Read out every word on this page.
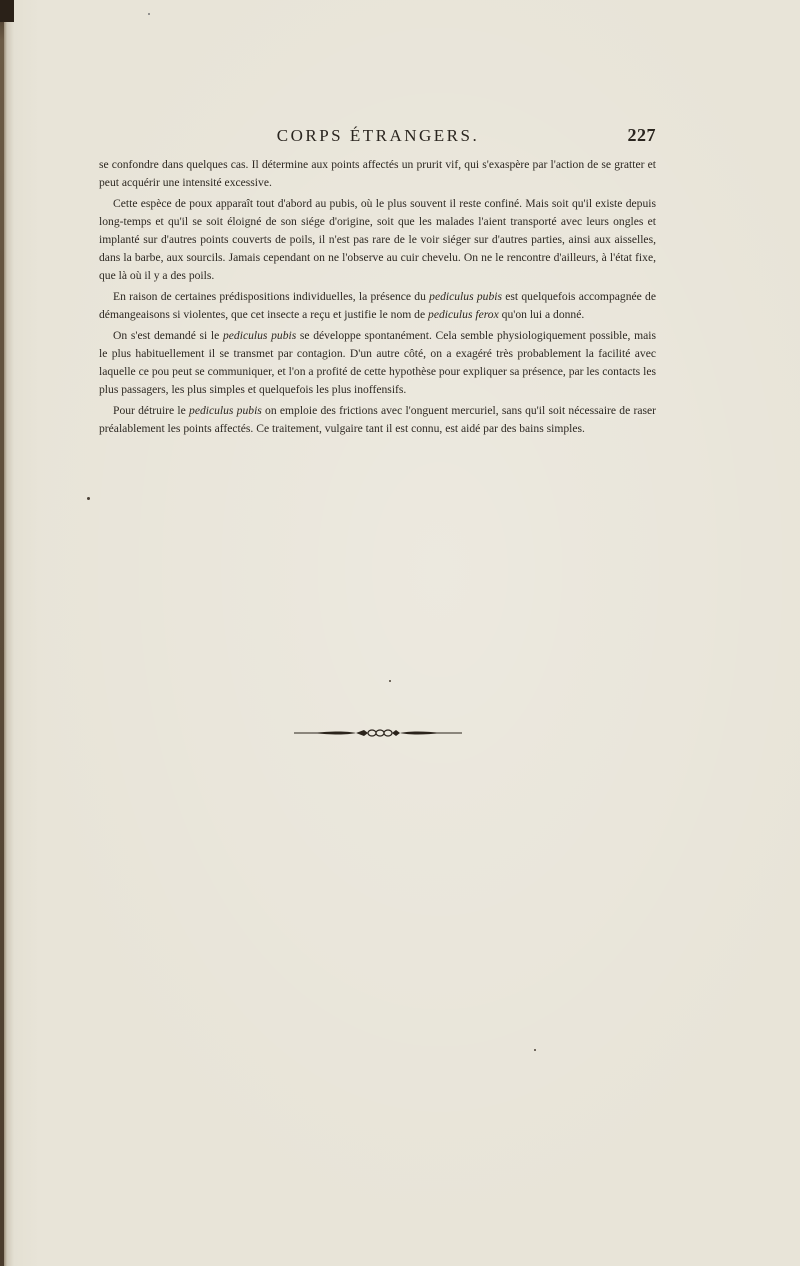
CORPS ÉTRANGERS.	227

se confondre dans quelques cas. Il détermine aux points affectés un prurit vif, qui s'exaspère par l'action de se gratter et peut acquérir une intensité excessive.

Cette espèce de poux apparaît tout d'abord au pubis, où le plus souvent il reste confiné. Mais soit qu'il existe depuis long-temps et qu'il se soit éloigné de son siége d'origine, soit que les malades l'aient transporté avec leurs ongles et implanté sur d'autres points couverts de poils, il n'est pas rare de le voir siéger sur d'autres parties, ainsi aux aisselles, dans la barbe, aux sourcils. Jamais cependant on ne l'observe au cuir chevelu. On ne le rencontre d'ailleurs, à l'état fixe, que là où il y a des poils.

En raison de certaines prédispositions individuelles, la présence du pediculus pubis est quelquefois accompagnée de démangeaisons si violentes, que cet insecte a reçu et justifie le nom de pediculus ferox qu'on lui a donné.

On s'est demandé si le pediculus pubis se développe spontanément. Cela semble physiologiquement possible, mais le plus habituellement il se transmet par contagion. D'un autre côté, on a exagéré très probablement la facilité avec laquelle ce pou peut se communiquer, et l'on a profité de cette hypothèse pour expliquer sa présence, par les contacts les plus passagers, les plus simples et quelquefois les plus inoffensifs.

Pour détruire le pediculus pubis on emploie des frictions avec l'onguent mercuriel, sans qu'il soit nécessaire de raser préalablement les points affectés. Ce traitement, vulgaire tant il est connu, est aidé par des bains simples.
